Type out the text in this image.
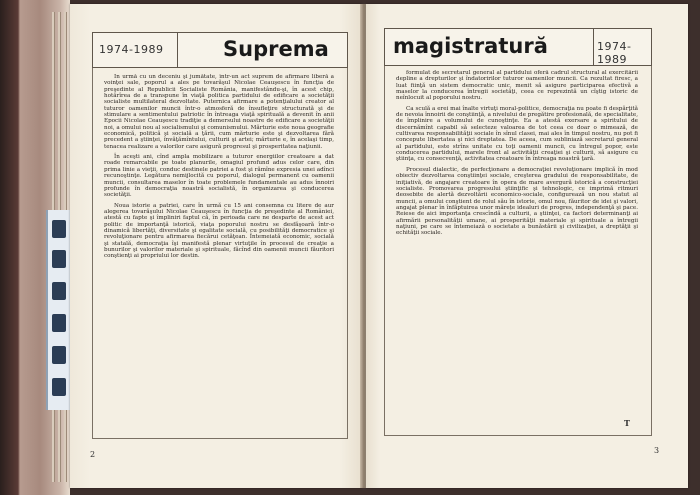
1974-1989	Suprema

În urmă cu un deceniu şi jumătate, într-un act suprem de afirmare liberă a voinţei sale, poporul a ales pe tovarăşul Nicolae Ceauşescu în funcţia de preşedinte al Republicii Socialiste România, manifestându-şi, în acest chip, hotărîrea de a transpune în viaţă politica partidului de edificare a societăţii socialiste multilateral dezvoltate. Puternica afirmare a potenţialului creator al tuturor oamenilor muncii într-o atmosferă de însufleţire structurată şi de stimulare a sentimentului patriotic în întreaga viaţă spirituală a devenit în anii Epocii Nicolae Ceauşescu tradiţie a demersului noastre de edificare a societăţii noi, a omului nou al socialismului şi comunismului. Mărturie este noua geografie economică, politică şi socială a ţării, cum mărturie este şi dezvoltarea fără precedent a ştiinţei, învăţămîntului, culturii şi artei; mărturie e, în acelaşi timp, tenacea realizare a valorilor care asigură progresul şi prosperitatea naţiunii.

În aceşti ani, cînd ampla mobilizare a tuturor energiilor creatoare a dat roade remarcabile pe toate planurile, omagiul profund adus celor care, din prima linie a vieţii, conduc destinele patriei a fost şi rămîne expresia unei adînci recunoştinţe. Legătura nemijlocită cu poporul, dialogul permanent cu oamenii muncii, consultarea maselor în toate problemele fundamentale au adus înnoiri profunde în democraţia noastră socialistă, în organizarea şi conducerea societăţii.

Noua istorie a patriei, care în urmă cu 15 ani consemna cu litere de aur alegerea tovarăşului Nicolae Ceauşescu în funcţia de preşedinte al României, atestă cu fapte şi împliniri faptul că, în perioada care ne desparte de acest act politic de importanţă istorică, viaţa poporului nostru se desfăşoară într-o dinamică libertăţi, diversitate şi egalitate socială, cu posibilităţi democratice şi revoluţionare pentru afirmarea fiecărui cetăţean. Întemeiată economic, socială şi statală, democraţia îşi manifestă plenar virtuţile în procesul de creaţie a bunurilor şi valorilor materiale şi spirituale, făcînd din oamenii muncii făuritori conştienţi ai propriului lor destin.

2
magistratură	1974-1989

formulat de secretarul general al partidului oferă cadrul structural al exercitării depline a drepturilor şi îndatoririlor tuturor oamenilor muncii. Ca rezultat firesc, a luat fiinţă un sistem democratic unic, menit să asigure participarea efectivă a maselor la conducerea întregii societăţi, ceea ce reprezintă un cîştig istoric de neînlocuit al poporului nostru.

Ca sculă a erei mai înalte virtuţi moral-politice, democraţia nu poate fi despărţită de nevoia înnoirii de conştiinţă, a nivelului de pregătire profesională, de specialitate, de împlinire a volumului de cunoştinţe. Ea a atestă exersare a spiritului de discernămînt capabil să selecteze valoarea de tot ceea ce doar o mimează, de cultivarea responsabilităţii sociale în sînul clasei, mai ales în timpul nostru, nu pot fi concepute libertatea şi nici dreptatea. De aceea, cum subliniază secretarul general al partidului, este strîns unitate cu toţi oamenii muncii, cu întregul popor, este conducerea partidului, marele front al activităţii creaţiei şi culturii, să asigure cu ştiinţa, cu consecvenţă, activitatea creatoare în întreaga noastră ţară.

Procesul dialectic, de perfecţionare a democraţiei revoluţionare implică în mod obiectiv dezvoltarea conştiinţei sociale, creşterea gradului de responsabilitate, de iniţiativă, de angajare creatoare în opera de mare avergură istorică a construcţiei socialiste. Promovarea progresului ştiinţific şi tehnologic, ce imprimă ritmuri deosebite de alertă dezvoltării economico-sociale, configurează un nou statut al muncii, a omului conştient de rolul său în istorie, omul nou, făuritor de idei şi valori, angajat plenar în înfăptuirea unor mărețe idealuri de progres, independenţă şi pace. Reiese de aici importanţa crescîndă a culturii, a ştiinţei, ca factori determinanţi ai afirmării personalităţii umane, ai prosperităţii materiale şi spirituale a întregii naţiuni, pe care se întemeiază o societate a bunăstării şi civilizaţiei, a dreptăţii şi echităţii sociale.

T
3
